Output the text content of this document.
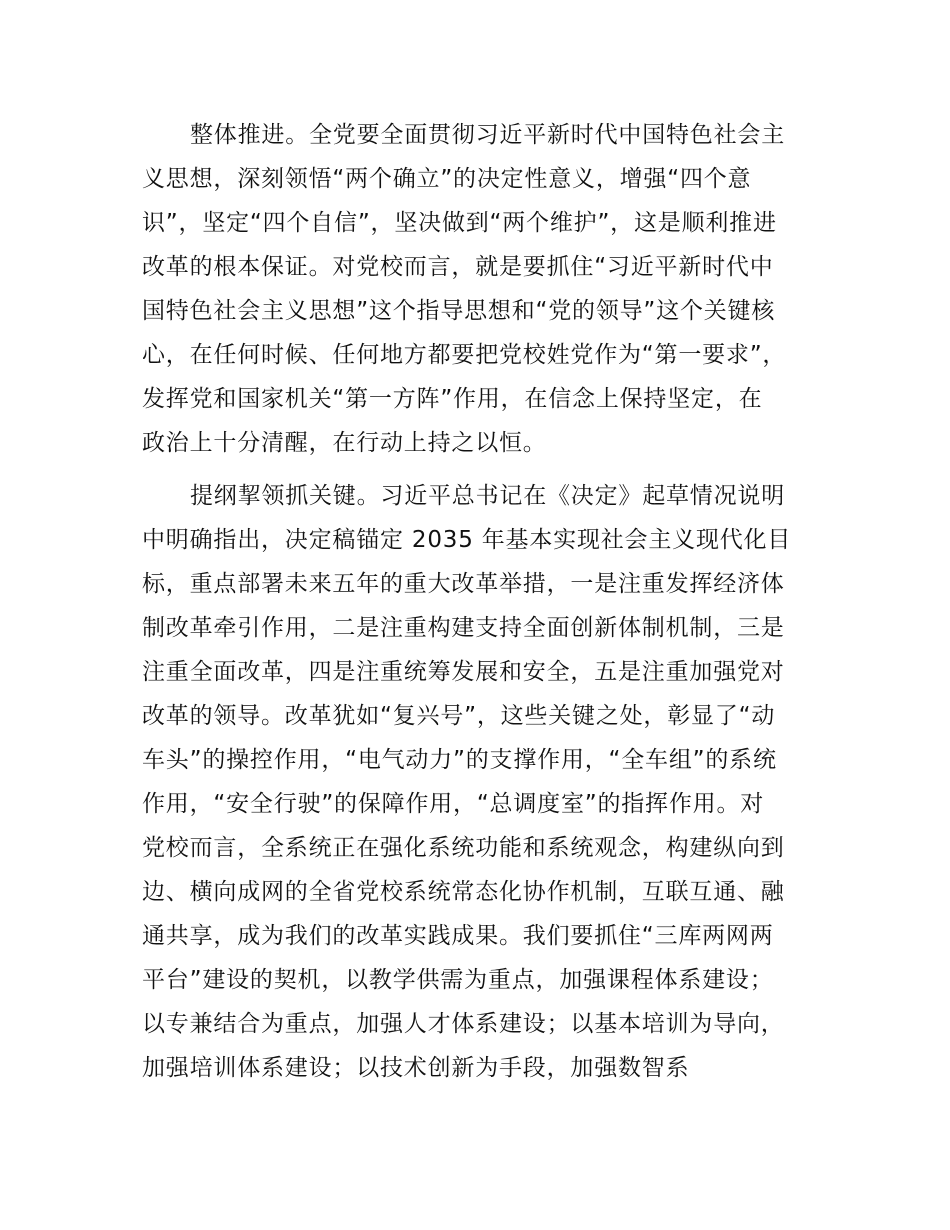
整体推进。全党要全面贯彻习近平新时代中国特色社会主
义思想，深刻领悟“两个确立”的决定性意义，增强“四个意
识”，坚定“四个自信”，坚决做到“两个维护”，这是顺利推进
改革的根本保证。对党校而言，就是要抓住“习近平新时代中
国特色社会主义思想”这个指导思想和“党的领导”这个关键核
心，在任何时候、任何地方都要把党校姓党作为“第一要求”，
发挥党和国家机关“第一方阵”作用，在信念上保持坚定，在
政治上十分清醒，在行动上持之以恒。
提纲挈领抓关键。习近平总书记在《决定》起草情况说明
中明确指出，决定稿锚定 2035 年基本实现社会主义现代化目
标，重点部署未来五年的重大改革举措，一是注重发挥经济体
制改革牵引作用，二是注重构建支持全面创新体制机制，三是
注重全面改革，四是注重统筹发展和安全，五是注重加强党对
改革的领导。改革犹如“复兴号”，这些关键之处，彰显了“动
车头”的操控作用，“电气动力”的支撑作用，“全车组”的系统
作用，“安全行驶”的保障作用，“总调度室”的指挥作用。对
党校而言，全系统正在强化系统功能和系统观念，构建纵向到
边、横向成网的全省党校系统常态化协作机制，互联互通、融
通共享，成为我们的改革实践成果。我们要抓住“三库两网两
平台”建设的契机，以教学供需为重点，加强课程体系建设；
以专兼结合为重点，加强人才体系建设；以基本培训为导向，
加强培训体系建设；以技术创新为手段，加强数智系
